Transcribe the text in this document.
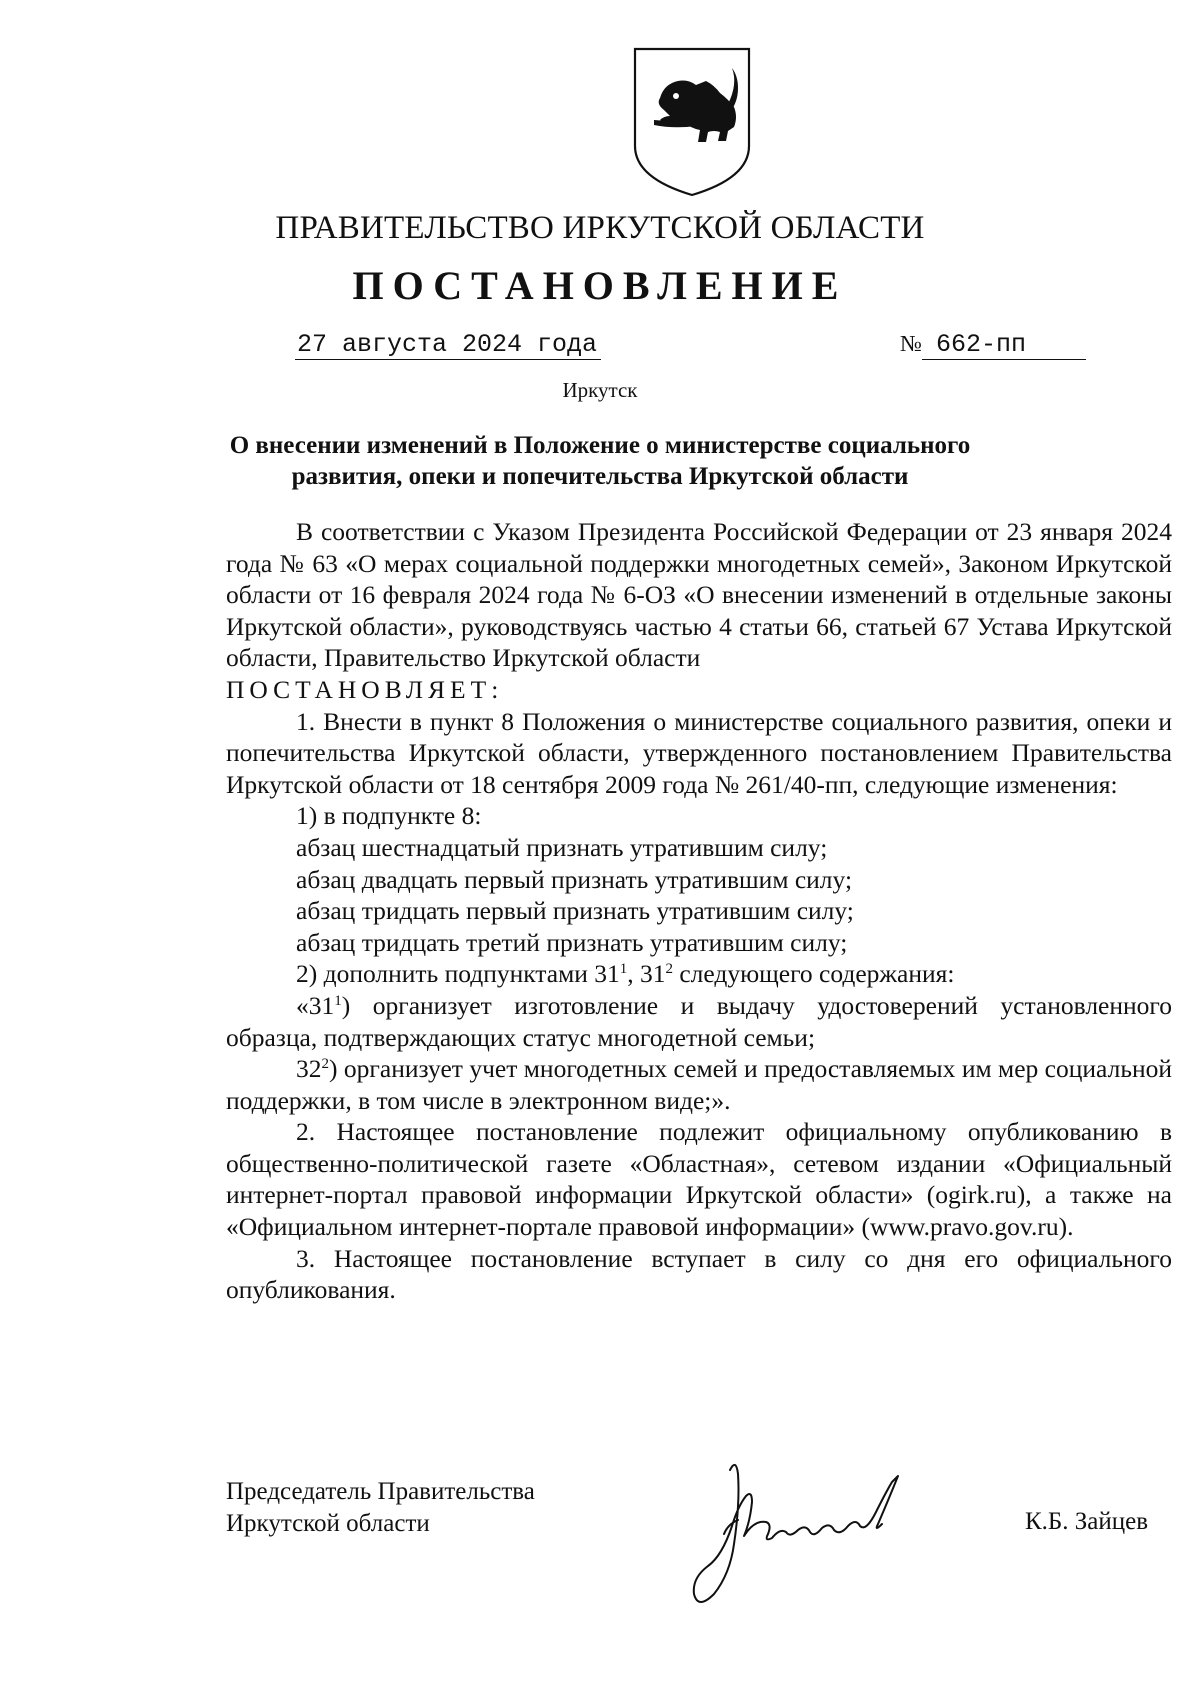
ПРАВИТЕЛЬСТВО ИРКУТСКОЙ ОБЛАСТИ
ПОСТАНОВЛЕНИЕ
27 августа 2024 года	№ 662-пп
Иркутск
О внесении изменений в Положение о министерстве социального
развития, опеки и попечительства Иркутской области

В соответствии с Указом Президента Российской Федерации от 23 января 2024 года № 63 «О мерах социальной поддержки многодетных семей», Законом Иркутской области от 16 февраля 2024 года № 6-ОЗ «О внесении изменений в отдельные законы Иркутской области», руководствуясь частью 4 статьи 66, статьей 67 Устава Иркутской области, Правительство Иркутской области

ПОСТАНОВЛЯЕТ:

1. Внести в пункт 8 Положения о министерстве социального развития, опеки и попечительства Иркутской области, утвержденного постановлением Правительства Иркутской области от 18 сентября 2009 года № 261/40-пп, следующие изменения:

1) в подпункте 8:

абзац шестнадцатый признать утратившим силу;

абзац двадцать первый признать утратившим силу;

абзац тридцать первый признать утратившим силу;

абзац тридцать третий признать утратившим силу;

2) дополнить подпунктами $31^1$, $31^2$ следующего содержания:

«$31^1$) организует изготовление и выдачу удостоверений установленного образца, подтверждающих статус многодетной семьи;

$32^2$) организует учет многодетных семей и предоставляемых им мер социальной поддержки, в том числе в электронном виде;».

2. Настоящее постановление подлежит официальному опубликованию в общественно-политической газете «Областная», сетевом издании «Официальный интернет-портал правовой информации Иркутской области» (ogirk.ru), а также на «Официальном интернет-портале правовой информации» (www.pravo.gov.ru).

3. Настоящее постановление вступает в силу со дня его официального опубликования.

Председатель Правительства
Иркутской области	К.Б. Зайцев
